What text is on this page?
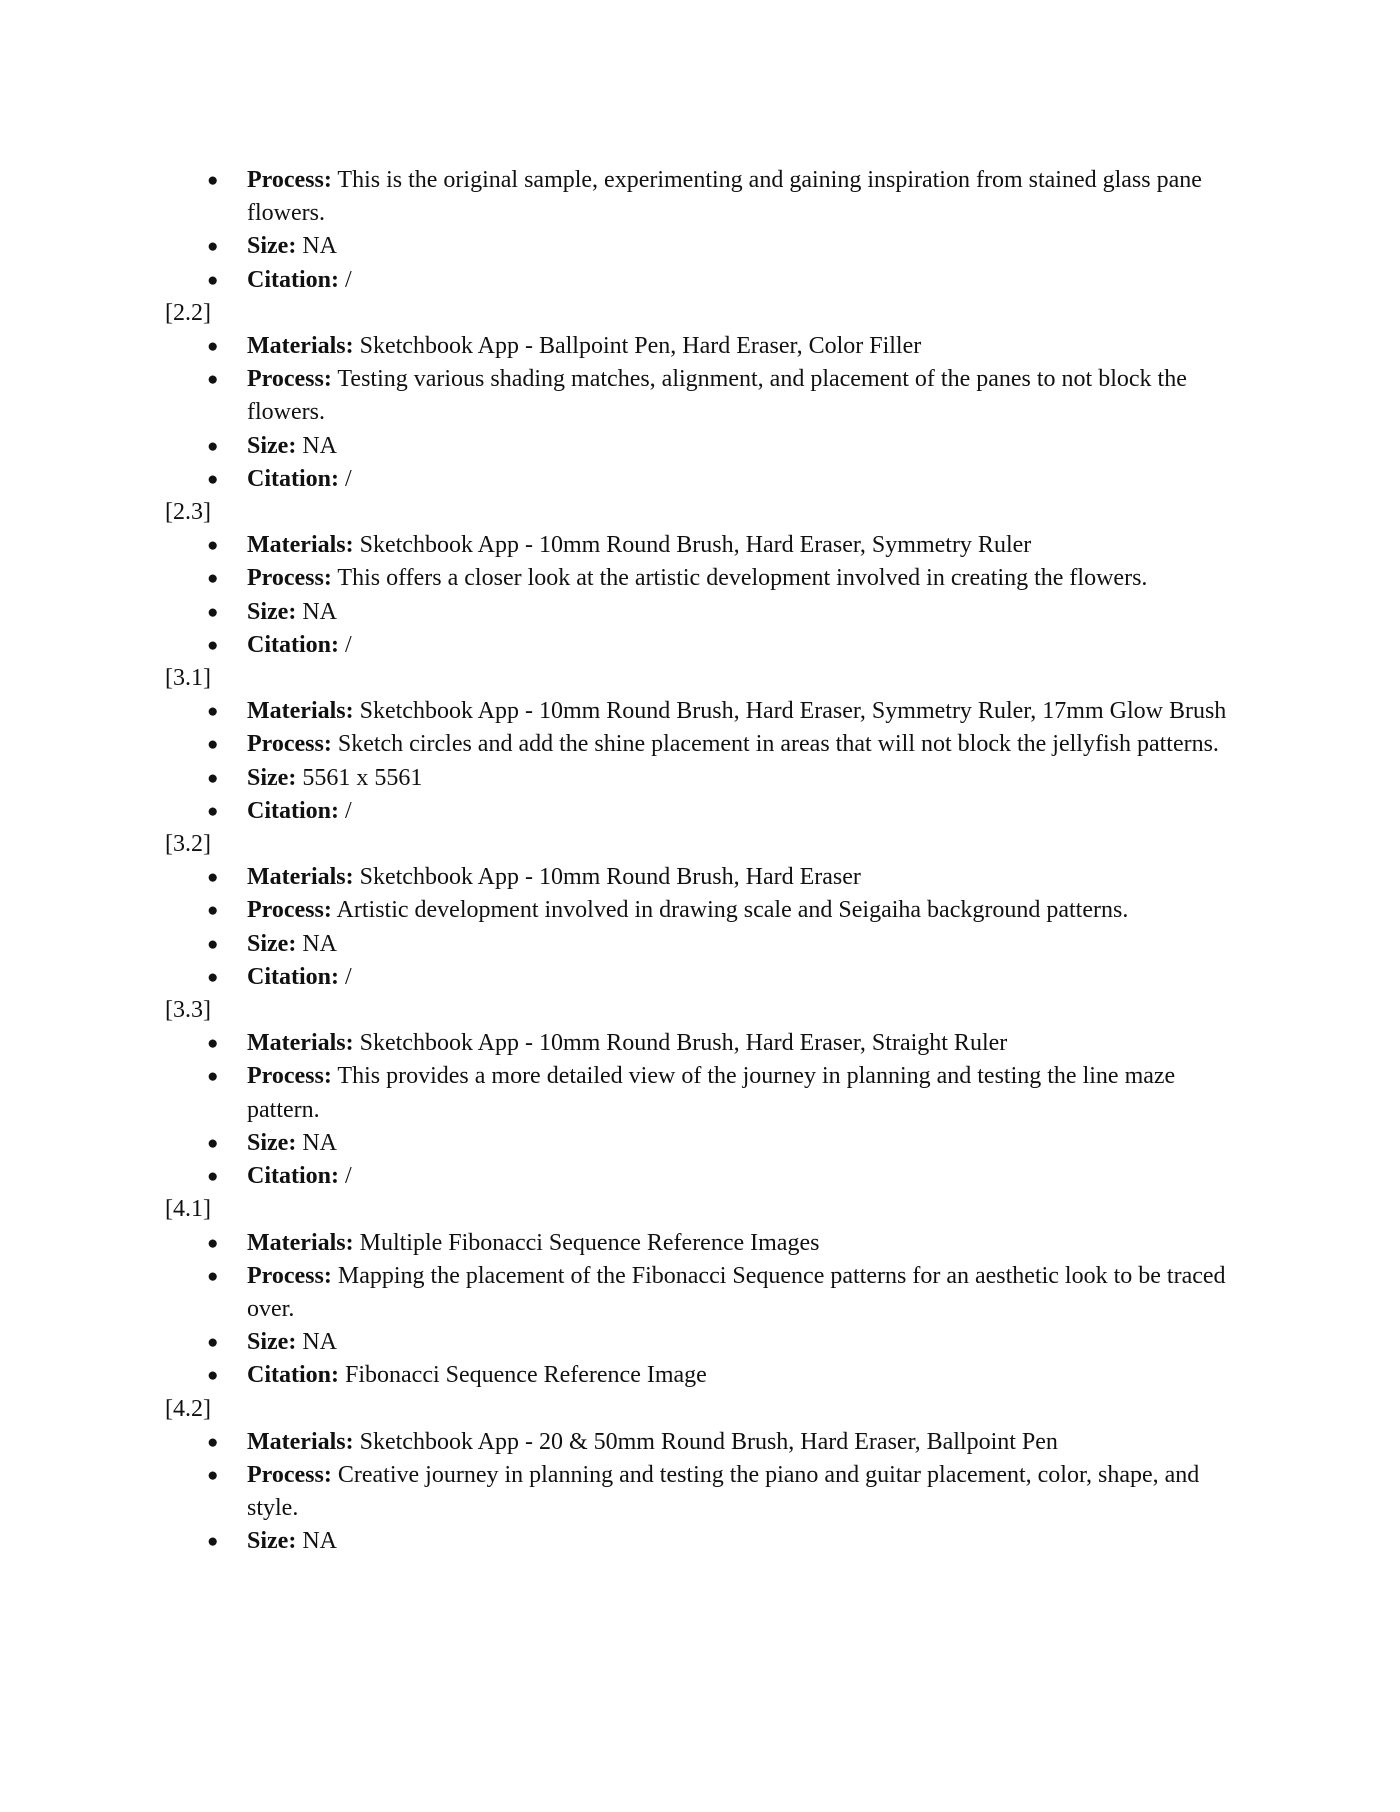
● Process: This is the original sample, experimenting and gaining inspiration from stained glass pane flowers.
● Size: NA
● Citation: /
[2.2]
● Materials: Sketchbook App - Ballpoint Pen, Hard Eraser, Color Filler
● Process: Testing various shading matches, alignment, and placement of the panes to not block the flowers.
● Size: NA
● Citation: /
[2.3]
● Materials: Sketchbook App - 10mm Round Brush, Hard Eraser, Symmetry Ruler
● Process: This offers a closer look at the artistic development involved in creating the flowers.
● Size: NA
● Citation: /
[3.1]
● Materials: Sketchbook App - 10mm Round Brush, Hard Eraser, Symmetry Ruler, 17mm Glow Brush
● Process: Sketch circles and add the shine placement in areas that will not block the jellyfish patterns.
● Size: 5561 x 5561
● Citation: /
[3.2]
● Materials: Sketchbook App - 10mm Round Brush, Hard Eraser
● Process: Artistic development involved in drawing scale and Seigaiha background patterns.
● Size: NA
● Citation: /
[3.3]
● Materials: Sketchbook App - 10mm Round Brush, Hard Eraser, Straight Ruler
● Process: This provides a more detailed view of the journey in planning and testing the line maze pattern.
● Size: NA
● Citation: /
[4.1]
● Materials: Multiple Fibonacci Sequence Reference Images
● Process: Mapping the placement of the Fibonacci Sequence patterns for an aesthetic look to be traced over.
● Size: NA
● Citation: Fibonacci Sequence Reference Image
[4.2]
● Materials: Sketchbook App - 20 & 50mm Round Brush, Hard Eraser, Ballpoint Pen
● Process: Creative journey in planning and testing the piano and guitar placement, color, shape, and style.
● Size: NA
